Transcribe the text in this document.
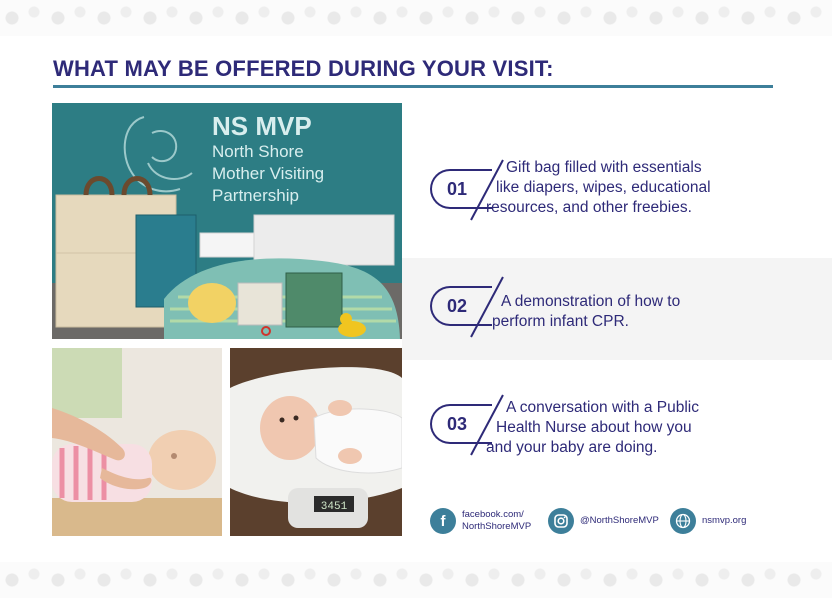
WHAT MAY BE OFFERED DURING YOUR VISIT:
NS MVP
North Shore
Mother Visiting
Partnership
3451
01
Gift bag filled with essentials
like diapers, wipes, educational
resources, and other freebies.
02 A demonstration of how to
perform infant CPR.
03
A conversation with a Public
Health Nurse about how you
and your baby are doing.
f	facebook.com/
NorthShoreMVP
@NorthShoreMVP	nsmvp.org
